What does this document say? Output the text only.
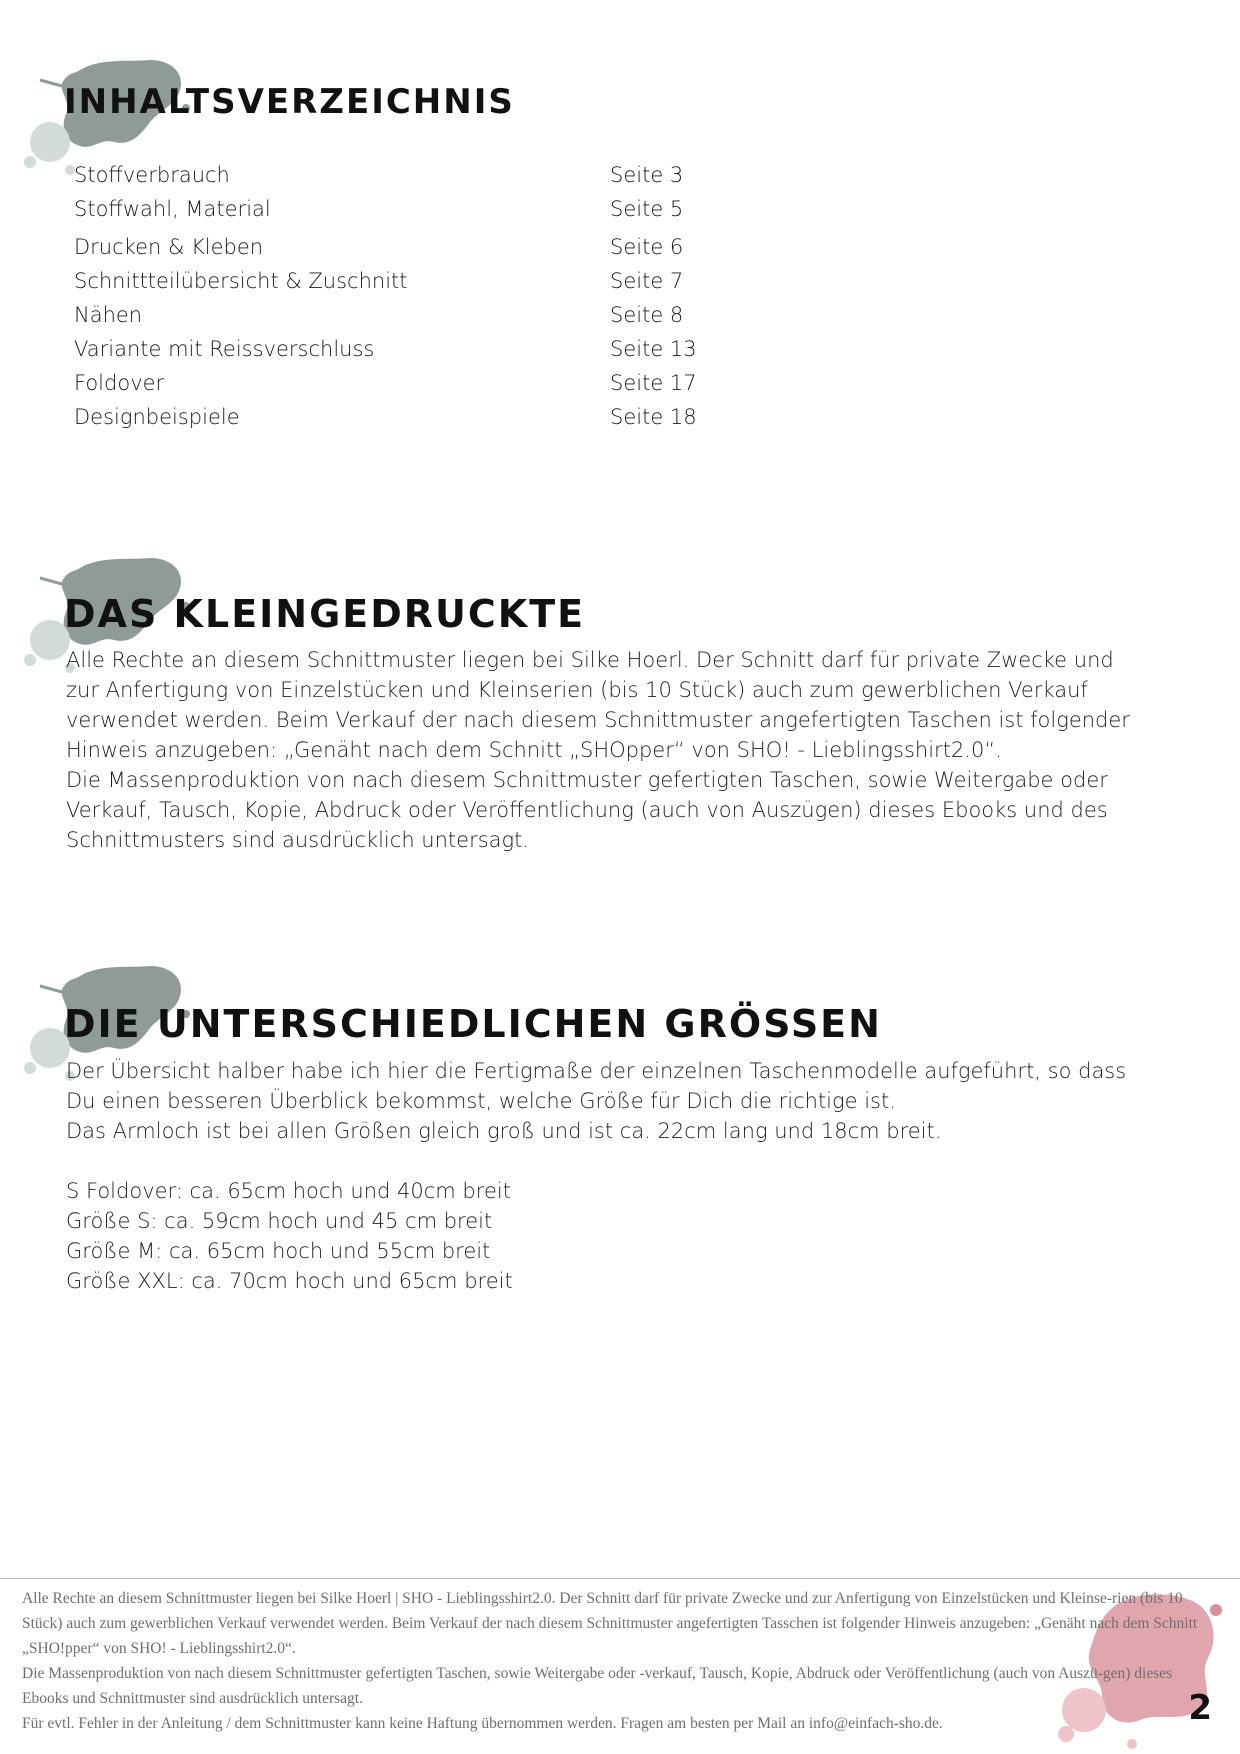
INHALTSVERZEICHNIS
Stoffverbrauch	Seite 3
Stoffwahl, Material	Seite 5
Drucken & Kleben	Seite 6
Schnittteilübersicht & Zuschnitt	Seite 7
Nähen	Seite 8
Variante mit Reissverschluss	Seite 13
Foldover	Seite 17
Designbeispiele	Seite 18
DAS KLEINGEDRUCKTE

Alle Rechte an diesem Schnittmuster liegen bei Silke Hoerl. Der Schnitt darf für private Zwecke und zur Anfertigung von Einzelstücken und Kleinserien (bis 10 Stück) auch zum gewerblichen Verkauf verwendet werden. Beim Verkauf der nach diesem Schnittmuster angefertigten Taschen ist folgender Hinweis anzugeben: „Genäht nach dem Schnitt „SHOpper“ von SHO! - Lieblingsshirt2.0“.

Die Massenproduktion von nach diesem Schnittmuster gefertigten Taschen, sowie Weitergabe oder Verkauf, Tausch, Kopie, Abdruck oder Veröffentlichung (auch von Auszügen) dieses Ebooks und des Schnittmusters sind ausdrücklich untersagt.

DIE UNTERSCHIEDLICHEN GRÖSSEN

Der Übersicht halber habe ich hier die Fertigmaße der einzelnen Taschenmodelle aufgeführt, so dass Du einen besseren Überblick bekommst, welche Größe für Dich die richtige ist.

Das Armloch ist bei allen Größen gleich groß und ist ca. 22cm lang und 18cm breit.

S Foldover: ca. 65cm hoch und 40cm breit

Größe S: ca. 59cm hoch und 45 cm breit

Größe M: ca. 65cm hoch und 55cm breit

Größe XXL: ca. 70cm hoch und 65cm breit

Alle Rechte an diesem Schnittmuster liegen bei Silke Hoerl | SHO - Lieblingsshirt2.0. Der Schnitt darf für private Zwecke und zur Anfertigung von Einzelstücken und Kleinse-rien (bis 10 Stück) auch zum gewerblichen Verkauf verwendet werden. Beim Verkauf der nach diesem Schnittmuster angefertigten Tasschen ist folgender Hinweis anzugeben: „Genäht nach dem Schnitt „SHO!pper“ von SHO! - Lieblingsshirt2.0“.

Die Massenproduktion von nach diesem Schnittmuster gefertigten Taschen, sowie Weitergabe oder -verkauf, Tausch, Kopie, Abdruck oder Veröffentlichung (auch von Auszü-gen) dieses Ebooks und Schnittmuster sind ausdrücklich untersagt.

Für evtl. Fehler in der Anleitung / dem Schnittmuster kann keine Haftung übernommen werden. Fragen am besten per Mail an info@einfach-sho.de.	2
